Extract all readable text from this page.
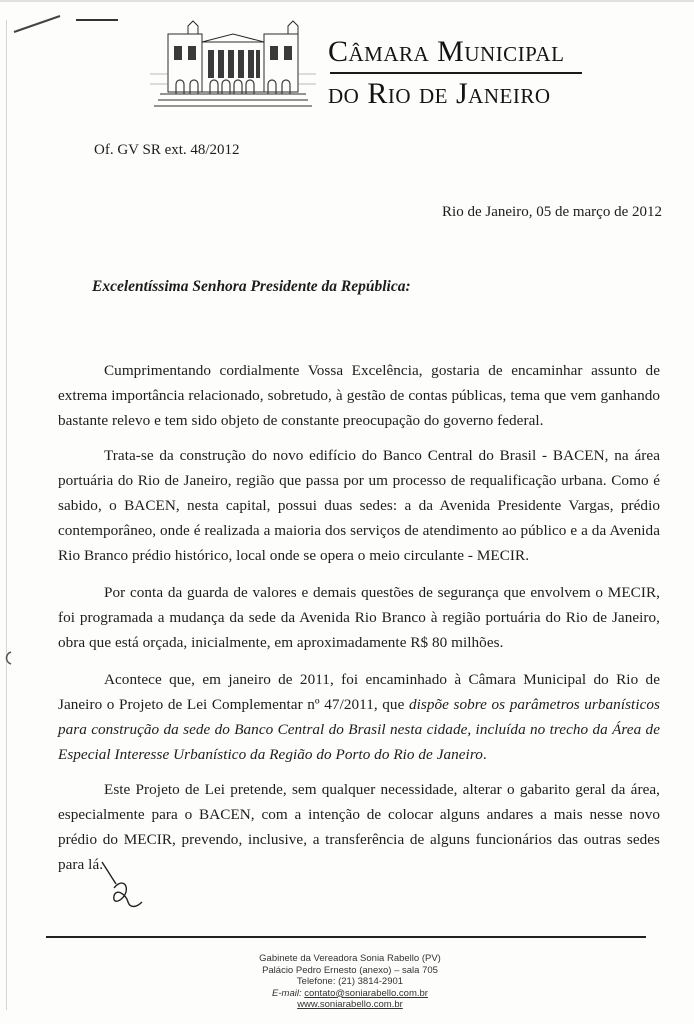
Câmara Municipal
do Rio de Janeiro
Of. GV SR ext. 48/2012
Rio de Janeiro, 05 de março de 2012
Excelentíssima Senhora Presidente da República:

Cumprimentando cordialmente Vossa Excelência, gostaria de encaminhar assunto de extrema importância relacionado, sobretudo, à gestão de contas públicas, tema que vem ganhando bastante relevo e tem sido objeto de constante preocupação do governo federal.

Trata-se da construção do novo edifício do Banco Central do Brasil - BACEN, na área portuária do Rio de Janeiro, região que passa por um processo de requalificação urbana. Como é sabido, o BACEN, nesta capital, possui duas sedes: a da Avenida Presidente Vargas, prédio contemporâneo, onde é realizada a maioria dos serviços de atendimento ao público e a da Avenida Rio Branco prédio histórico, local onde se opera o meio circulante - MECIR.

Por conta da guarda de valores e demais questões de segurança que envolvem o MECIR, foi programada a mudança da sede da Avenida Rio Branco à região portuária do Rio de Janeiro, obra que está orçada, inicialmente, em aproximadamente R$ 80 milhões.

Acontece que, em janeiro de 2011, foi encaminhado à Câmara Municipal do Rio de Janeiro o Projeto de Lei Complementar nº 47/2011, que dispõe sobre os parâmetros urbanísticos para construção da sede do Banco Central do Brasil nesta cidade, incluída no trecho da Área de Especial Interesse Urbanístico da Região do Porto do Rio de Janeiro.

Este Projeto de Lei pretende, sem qualquer necessidade, alterar o gabarito geral da área, especialmente para o BACEN, com a intenção de colocar alguns andares a mais nesse novo prédio do MECIR, prevendo, inclusive, a transferência de alguns funcionários das outras sedes para lá.

Gabinete da Vereadora Sonia Rabello (PV)
Palácio Pedro Ernesto (anexo) – sala 705
Telefone: (21) 3814-2901
E-mail: contato@soniarabello.com.br
www.soniarabello.com.br
